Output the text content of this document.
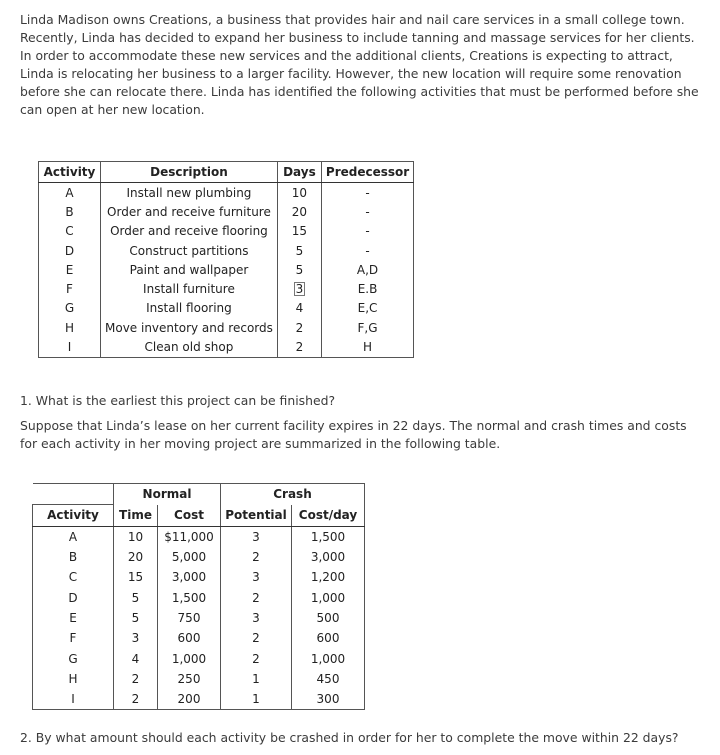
Linda Madison owns Creations, a business that provides hair and nail care services in a small college town. Recently, Linda has decided to expand her business to include tanning and massage services for her clients. In order to accommodate these new services and the additional clients, Creations is expecting to attract, Linda is relocating her business to a larger facility. However, the new location will require some renovation before she can relocate there. Linda has identified the following activities that must be performed before she can open at her new location.
Activity	Description	Days	Predecessor
A	Install new plumbing	10	-
B	Order and receive furniture	20	-
C	Order and receive flooring	15	-
D	Construct partitions	5	-
E	Paint and wallpaper	5	A,D
F	Install furniture	3	E.B
G	Install flooring	4	E,C
H	Move inventory and records	2	F,G
I	Clean old shop	2	H
1. What is the earliest this project can be finished?
Suppose that Linda’s lease on her current facility expires in 22 days. The normal and crash times and costs for each activity in her moving project are summarized in the following table.
	Normal		Crash	
Activity	Time	Cost	Potential	Cost/day
A	10	$11,000	3	1,500
B	20	5,000	2	3,000
C	15	3,000	3	1,200
D	5	1,500	2	1,000
E	5	750	3	500
F	3	600	2	600
G	4	1,000	2	1,000
H	2	250	1	450
I	2	200	1	300
2. By what amount should each activity be crashed in order for her to complete the move within 22 days?
